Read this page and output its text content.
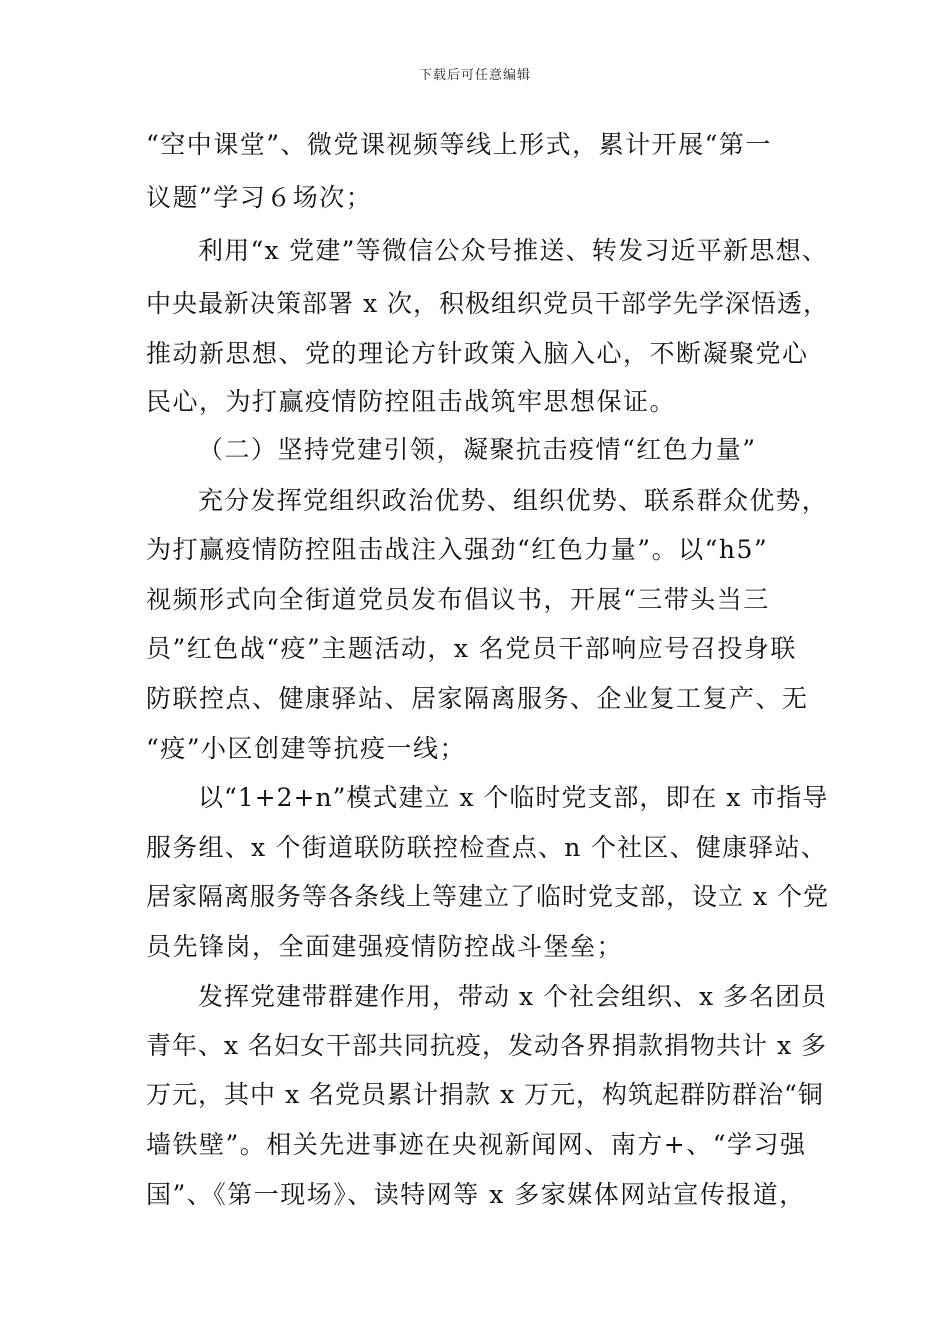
下载后可任意编辑
“空中课堂”、微党课视频等线上形式，累计开展“第一
议题”学习６场次；
利用“x 党建”等微信公众号推送、转发习近平新思想、
中央最新决策部署 x 次，积极组织党员干部学先学深悟透，
推动新思想、党的理论方针政策入脑入心，不断凝聚党心
民心，为打赢疫情防控阻击战筑牢思想保证。
（二）坚持党建引领，凝聚抗击疫情“红色力量”
充分发挥党组织政治优势、组织优势、联系群众优势，
为打赢疫情防控阻击战注入强劲“红色力量”。以“h5”
视频形式向全街道党员发布倡议书，开展“三带头当三
员”红色战“疫”主题活动，x 名党员干部响应号召投身联
防联控点、健康驿站、居家隔离服务、企业复工复产、无
“疫”小区创建等抗疫一线；
以“1+2+n”模式建立 x 个临时党支部，即在 x 市指导
服务组、x 个街道联防联控检查点、n 个社区、健康驿站、
居家隔离服务等各条线上等建立了临时党支部，设立 x 个党
员先锋岗，全面建强疫情防控战斗堡垒；
发挥党建带群建作用，带动 x 个社会组织、x 多名团员
青年、x 名妇女干部共同抗疫，发动各界捐款捐物共计 x 多
万元，其中 x 名党员累计捐款 x 万元，构筑起群防群治“铜
墙铁壁”。相关先进事迹在央视新闻网、南方+、“学习强
国”、《第一现场》、读特网等 x 多家媒体网站宣传报道，
